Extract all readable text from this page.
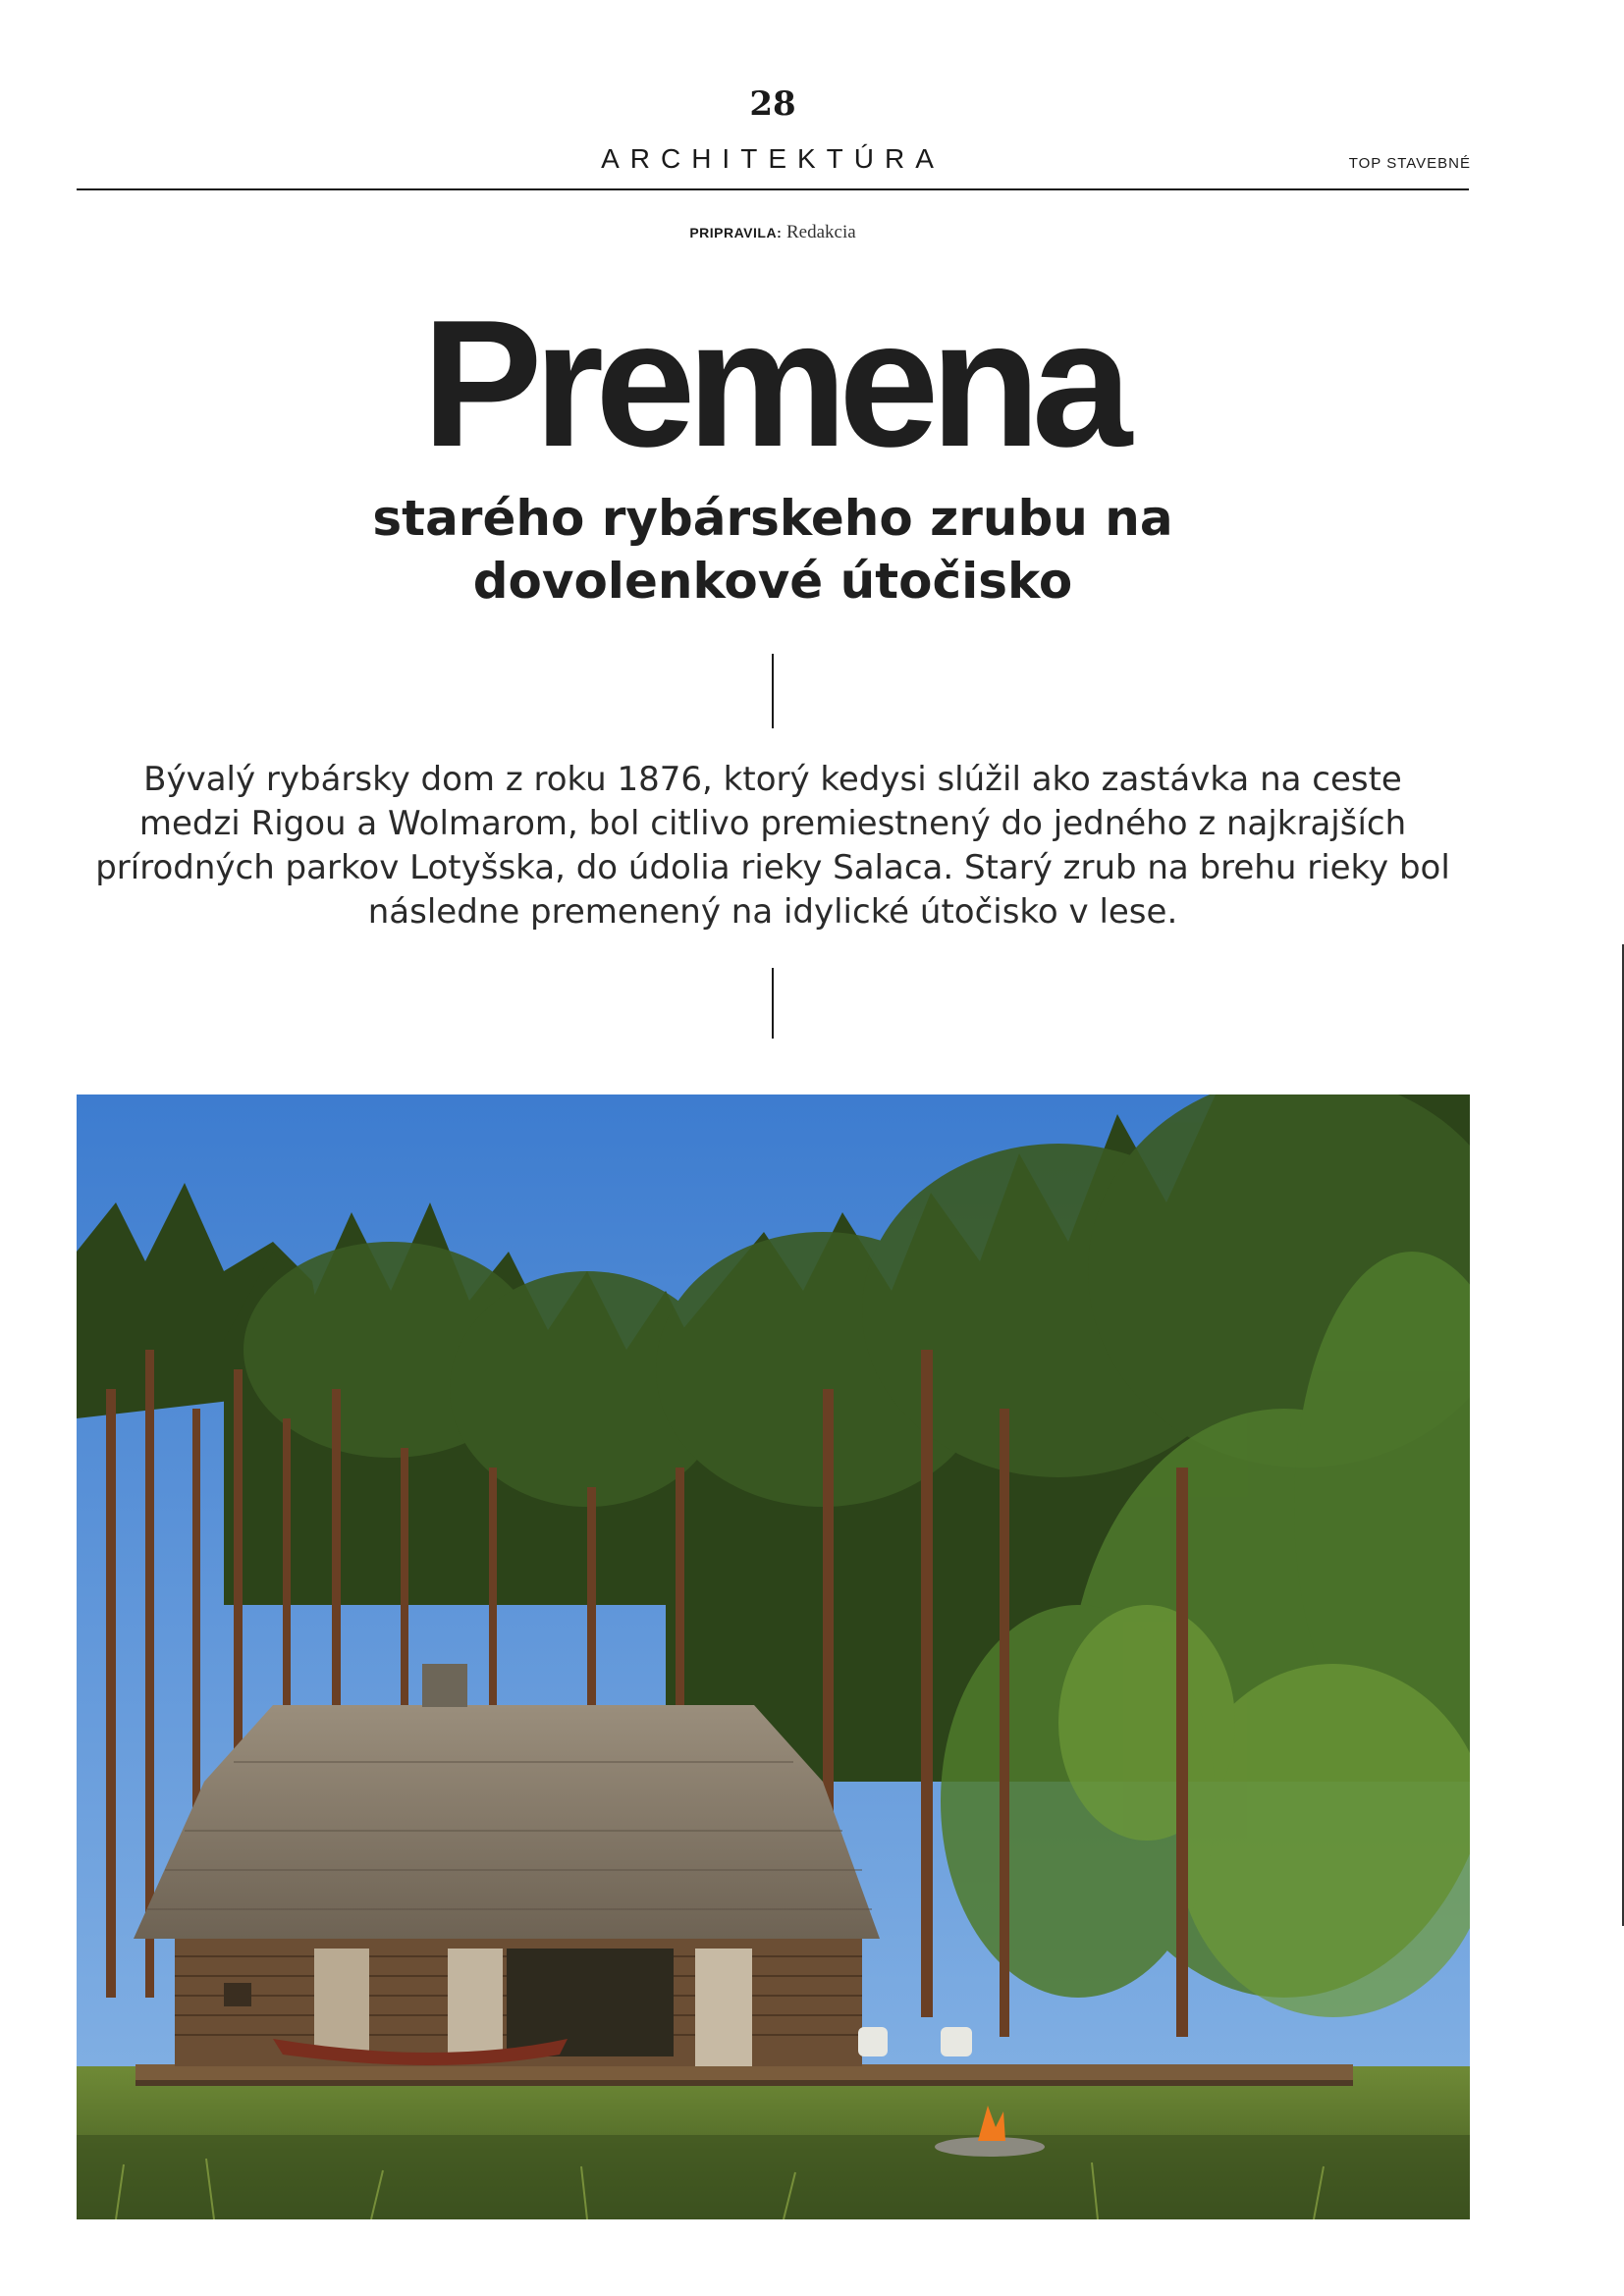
28
ARCHITEKTÚRA	TOP STAVEBNÉ
PRIPRAVILA: Redakcia
Premena
starého rybárskeho zrubu na dovolenkové útočisko

Bývalý rybársky dom z roku 1876, ktorý kedysi slúžil ako zastávka na ceste medzi Rigou a Wolmarom, bol citlivo premiestnený do jedného z najkrajších prírodných parkov Lotyšska, do údolia rieky Salaca. Starý zrub na brehu rieky bol následne premenený na idylické útočisko v lese.
